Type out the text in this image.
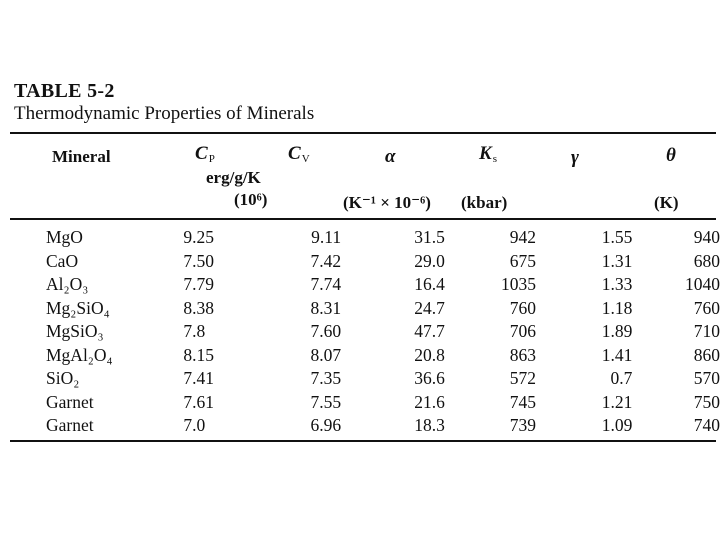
TABLE 5-2
Thermodynamic Properties of Minerals
Mineral	$C_P$	$C_V$	α	$K_s$	γ	θ
erg/g/K
(10⁶)	(K⁻¹ × 10⁻⁶) (kbar)	(K)
MgO	9.25	9.11	31.5	942	1.55	940
CaO	7.50	7.42	29.0	675	1.31	680
Al₂O₃	7.79	7.74	16.4	1035	1.33	1040
Mg₂SiO₄	8.38	8.31	24.7	760	1.18	760
MgSiO₃	7.8	7.60	47.7	706	1.89	710
MgAl₂O₄	8.15	8.07	20.8	863	1.41	860
SiO₂	7.41	7.35	36.6	572	0.7	570
Garnet	7.61	7.55	21.6	745	1.21	750
Garnet	7.0	6.96	18.3	739	1.09	740
